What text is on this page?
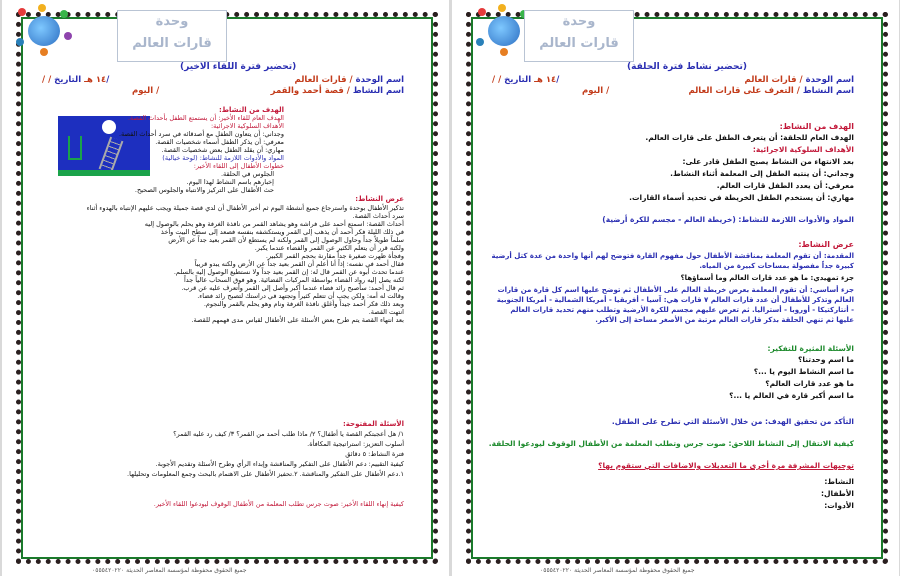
وحدة
قارات العالم
(تحضير فترة اللقاء الاخير)
اسم الوحدة / قارات العالم
اسم النشاط / قصة أحمد والقمر
/ / ١٤ هـ التاريخ/
اليوم /
الهدف من النشاط:
الهدف العام للقاء الأخير: أن يستمتع الطفل بأحداث القصة.
الأهداف السلوكية الاجرائية:
وجداني: أن يتعاون الطفل مع أصدقائه في سرد أحداث القصة.
معرفي: أن يذكر الطفل أسماء شخصيات القصة.
مهاري: أن يقلد الطفل بعض شخصيات القصة.
المواد والأدوات اللازمة للنشاط: (لوحة خيالية)
خطوات الأطفال إلى اللقاء الأخير:
الجلوس في الحلقة.
إخبارهم باسم النشاط لهذا اليوم.
حث الأطفال على التركيز والانتباه والجلوس الصحيح.
عرض النشاط:
تذكير الأطفال بوحدة واسترجاع جميع أنشطة اليوم ثم أخبر الأطفال أن لدي قصة جميلة ويجب عليهم الإنتباه بالهدوء أثناء
سرد أحداث القصة.
أحداث القصة: اسمتع أحمد على فراشه وهو يشاهد القمر من نافذة الغرفة وهو يحلم بالوصول إليه
في ذلك الليلة فكر أحمد أن يذهب إلى القمر ويستكشفه بنفسه فصعد إلى سطح البيت وأخذ
سلماً طويلاً جداً وحاول الوصول إلى القمر ولكنه لم يستطع لأن القمر بعيد جداً عن الأرض
ولكنه قرر أن يتعلم الكثير عن القمر والفضاء عندما يكبر.
وفجأة ظهرت صغيرة جداً مقارنة بحجم القمر الكبير.
فقال أحمد في نفسه: إذاً أنا أعلم أن القمر بعيد جداً عن الأرض ولكنه يبدو قريباً
عندما تحدث أبوه عن القمر قال له: إن القمر بعيد جداً ولا نستطيع الوصول إليه بالسلم.
لكنه يصل إليه رواد الفضاء بواسطة المركبات الفضائية. وهو فوق السحاب عالياً جداً
ثم قال أحمد: سأصبح رائد فضاء عندما أكبر وأصل إلى القمر وأتعرف عليه عن قرب.
وقالت له أمه: ولكن يجب أن تتعلم كثيراً وتجتهد في دراستك لتصبح رائد فضاء.
وبعد ذلك فكر أحمد جيداً وأغلق نافذة الغرفة ونام وهو يحلم بالقمر والنجوم.
انتهت القصة.
بعد انتهاء القصة يتم طرح بعض الأسئلة على الأطفال لقياس مدى فهمهم للقصة.
الأسئلة المفتوحة:
١/ هل أعجبتكم القصة يا أطفال؟ ٢/ ماذا طلب أحمد من القمر؟ ٣/ كيف رد عليه القمر؟
أسلوب التعزيز: استراتيجية المكافأة.
فترة النشاط: ٥ دقائق
كيفية التقييم: دعم الأطفال على التفكير والمناقشة وإبداء الرأي وطرح الأسئلة وتقديم الأجوبة.
١.دعم الأطفال على التفكير والمناقشة. ٢.تحفيز الأطفال على الاهتمام بالبحث وجمع المعلومات وتحليلها.
كيفية إنهاء اللقاء الأخير: صوت جرس تطلب المعلمة من الأطفال الوقوف ليودعوا اللقاء الأخير.
جميع الحقوق محفوظة لمؤسسة المعاصر الحديثة ٠٥٥٥٤٢٠٢٢٠
وحدة
قارات العالم
(تحضير نشاط فترة الحلقة)
اسم الوحدة / قارات العالم
اسم النشاط / التعرف على قارات العالم
/ / ١٤ هـ التاريخ/
اليوم /
الهدف من النشاط:
الهدف العام للحلقة: أن يتعرف الطفل على قارات العالم.
الأهداف السلوكية الاجرائية:
بعد الانتهاء من النشاط يصبح الطفل قادر على:
وجداني: أن ينتبه الطفل إلى المعلمة أثناء النشاط.
معرفي: أن يعدد الطفل قارات العالم.
مهاري: أن يستخدم الطفل الخريطة في تحديد أسماء القارات.
المواد والأدوات اللازمة للنشاط: (خريطة العالم - مجسم للكرة أرضية)
عرض النشاط:
المقدمة: أن تقوم المعلمة بمناقشة الأطفال حول مفهوم القارة فتوضح لهم أنها واحدة من عدة كتل أرضية
كبيرة جداً مفصولة بمساحات كبيرة من المياه.
جزء تمهيدي: ما هو عدد قارات العالم وما أسماؤها؟
جزء أساسي: أن تقوم المعلمة بعرض خريطة العالم على الأطفال ثم توضح عليها اسم كل قارة من قارات
العالم وتذكر للأطفال أن عدد قارات العالم ٧ قارات هي: آسيا - أفريقيا - أمريكا الشمالية - أمريكا الجنوبية
- أنتاركتيكا - أوروبا - أستراليا. ثم تعرض عليهم مجسم للكرة الأرضية وتطلب منهم تحديد قارات العالم
عليها ثم تنهي الحلقة بذكر قارات العالم مرتبة من الأصغر مساحة إلى الأكبر.
الأسئلة المثيرة للتفكير:
ما اسم وحدتنا؟
ما اسم النشاط اليوم يا ...؟
ما هو عدد قارات العالم؟
ما اسم أكبر قارة في العالم يا ...؟
التأكد من تحقيق الهدف: من خلال الأسئلة التي تطرح على الطفل.
كيفية الانتقال إلى النشاط اللاحق: صوت جرس وتطلب المعلمة من الأطفال الوقوف ليودعوا الحلقة.
توجيهات المشرفة مرة أخرى ما التعديلات والاضافات التي ستقوم بها؟
النشاط:
الأطفال:
الأدوات:
جميع الحقوق محفوظة لمؤسسة المعاصر الحديثة ٠٥٥٥٤٢٠٢٢٠
